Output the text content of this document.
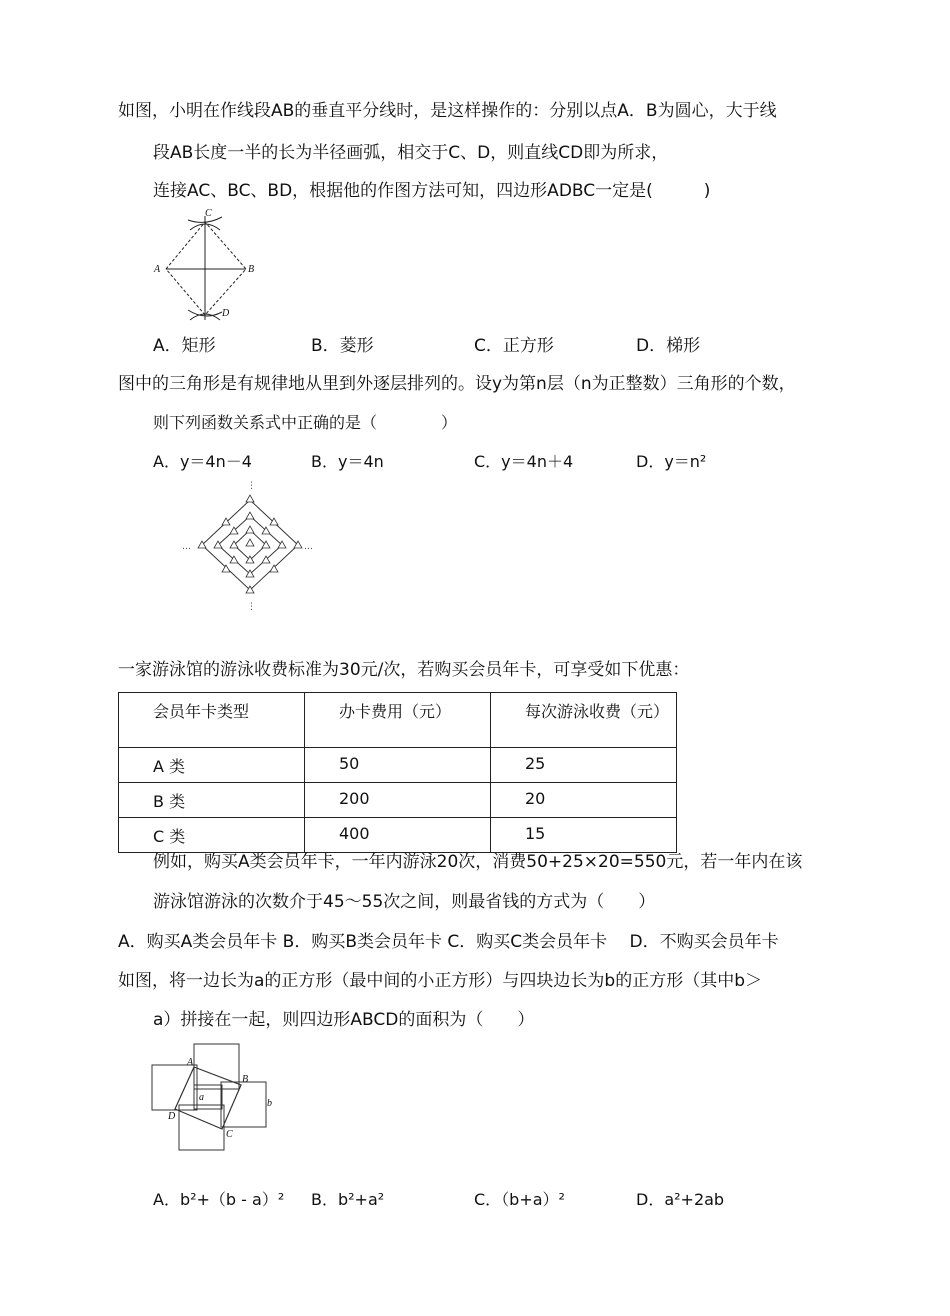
如图，小明在作线段AB的垂直平分线时，是这样操作的：分别以点A．B为圆心，大于线
段AB长度一半的长为半径画弧，相交于C、D，则直线CD即为所求，
连接AC、BC、BD，根据他的作图方法可知，四边形ADBC一定是(　　　)
C
A	B
D
A．矩形	B．菱形	C．正方形	D．梯形
图中的三角形是有规律地从里到外逐层排列的。设y为第n层（n为正整数）三角形的个数，
则下列函数关系式中正确的是（　　　　）
A．y＝4n－4	B．y＝4n	C．y＝4n＋4	D．y＝n²
⋮
⋮
…	…
一家游泳馆的游泳收费标准为30元/次，若购买会员年卡，可享受如下优惠：
会员年卡类型	办卡费用（元）	每次游泳收费（元）
A 类	50	25
B 类	200	20
C 类	400	15
例如，购买A类会员年卡，一年内游泳20次，消费50+25×20=550元，若一年内在该
游泳馆游泳的次数介于45～55次之间，则最省钱的方式为（　　）
A．购买A类会员年卡 B．购买B类会员年卡 C．购买C类会员年卡　 D．不购买会员年卡
如图，将一边长为a的正方形（最中间的小正方形）与四块边长为b的正方形（其中b＞
a）拼接在一起，则四边形ABCD的面积为（　　）
A
B
C
D
a
b
A．b²+（b - a）² B．b²+a²	C．（b+a）²	D．a²+2ab
